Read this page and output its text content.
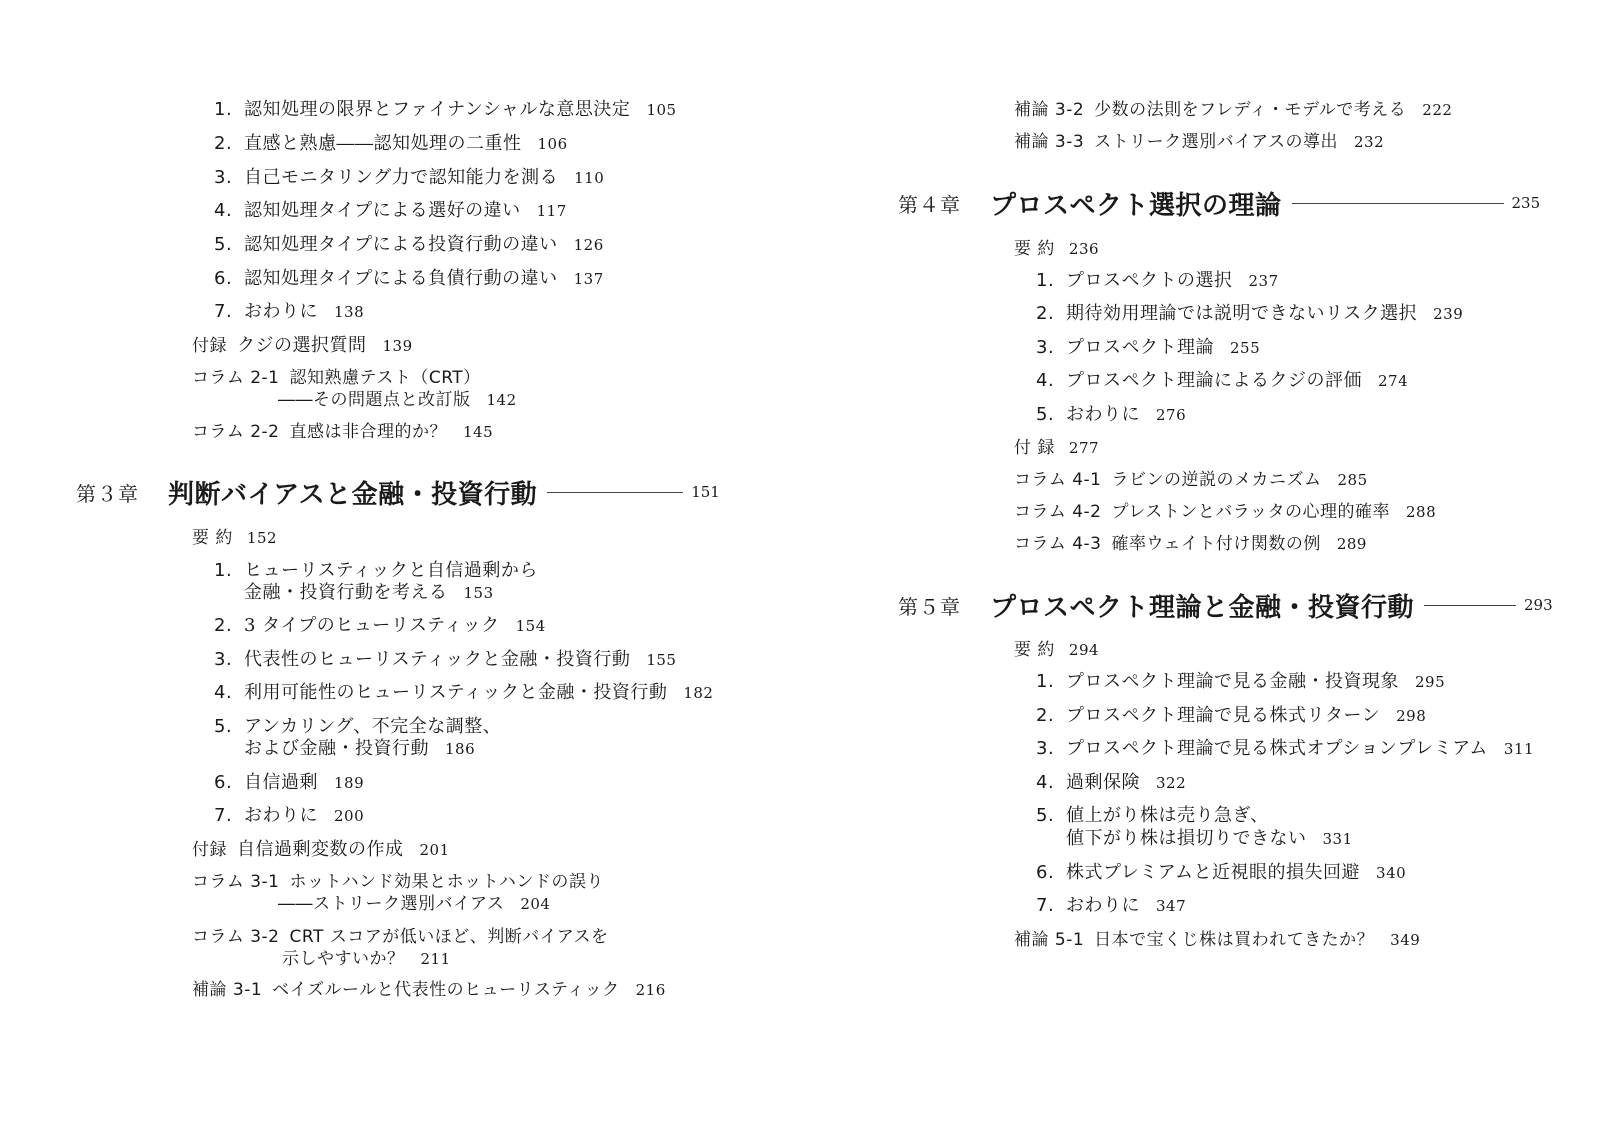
1. 認知処理の限界とファイナンシャルな意思決定 105
2. 直感と熟慮――認知処理の二重性 106
3. 自己モニタリング力で認知能力を測る 110
4. 認知処理タイプによる選好の違い 117
5. 認知処理タイプによる投資行動の違い 126
6. 認知処理タイプによる負債行動の違い 137
7. おわりに 138
付録 クジの選択質問 139
コラム 2-1 認知熟慮テスト（CRT）
――その問題点と改訂版 142
コラム 2-2 直感は非合理的か？ 145
第３章	判断バイアスと金融・投資行動	151
要 約 152
1. ヒューリスティックと自信過剰から
金融・投資行動を考える 153
2. 3 タイプのヒューリスティック 154
3. 代表性のヒューリスティックと金融・投資行動 155
4. 利用可能性のヒューリスティックと金融・投資行動 182
5. アンカリング、不完全な調整、
および金融・投資行動 186
6. 自信過剰 189
7. おわりに 200
付録 自信過剰変数の作成 201
コラム 3-1 ホットハンド効果とホットハンドの誤り
――ストリーク選別バイアス 204
コラム 3-2 CRT スコアが低いほど、判断バイアスを
示しやすいか？ 211
補論 3-1 ベイズルールと代表性のヒューリスティック 216
補論 3-2 少数の法則をフレディ・モデルで考える 222
補論 3-3 ストリーク選別バイアスの導出 232
第４章	プロスペクト選択の理論	235
要 約 236
1. プロスペクトの選択 237
2. 期待効用理論では説明できないリスク選択 239
3. プロスペクト理論 255
4. プロスペクト理論によるクジの評価 274
5. おわりに 276
付 録 277
コラム 4-1 ラビンの逆説のメカニズム 285
コラム 4-2 プレストンとバラッタの心理的確率 288
コラム 4-3 確率ウェイト付け関数の例 289
第５章	プロスペクト理論と金融・投資行動	293
要 約 294
1. プロスペクト理論で見る金融・投資現象 295
2. プロスペクト理論で見る株式リターン 298
3. プロスペクト理論で見る株式オプションプレミアム 311
4. 過剰保険 322
5. 値上がり株は売り急ぎ、
値下がり株は損切りできない 331
6. 株式プレミアムと近視眼的損失回避 340
7. おわりに 347
補論 5-1 日本で宝くじ株は買われてきたか？ 349
